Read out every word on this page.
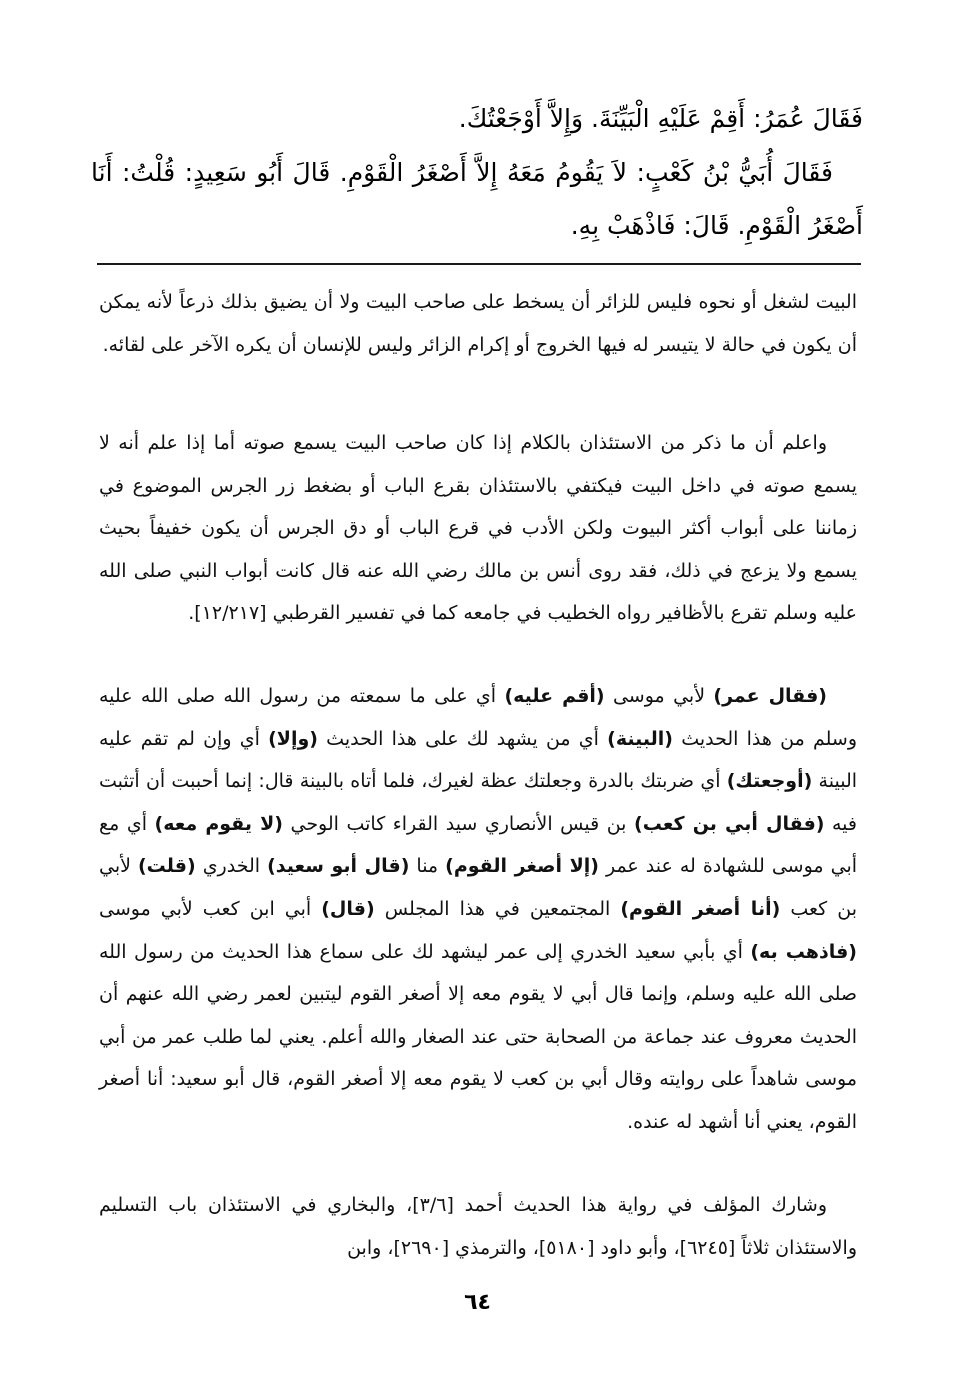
فَقَالَ عُمَرُ: أَقِمْ عَلَيْهِ الْبَيِّنَةَ. وَإِلاَّ أَوْجَعْتُكَ.

فَقَالَ أُبَيُّ بْنُ كَعْبٍ: لاَ يَقُومُ مَعَهُ إِلاَّ أَصْغَرُ الْقَوْمِ. قَالَ أَبُو سَعِيدٍ: قُلْتُ: أَنَا أَصْغَرُ الْقَوْمِ. قَالَ: فَاذْهَبْ بِهِ.

البيت لشغل أو نحوه فليس للزائر أن يسخط على صاحب البيت ولا أن يضيق بذلك ذرعاً لأنه يمكن أن يكون في حالة لا يتيسر له فيها الخروج أو إكرام الزائر وليس للإنسان أن يكره الآخر على لقائه.

واعلم أن ما ذكر من الاستئذان بالكلام إذا كان صاحب البيت يسمع صوته أما إذا علم أنه لا يسمع صوته في داخل البيت فيكتفي بالاستئذان بقرع الباب أو بضغط زر الجرس الموضوع في زماننا على أبواب أكثر البيوت ولكن الأدب في قرع الباب أو دق الجرس أن يكون خفيفاً بحيث يسمع ولا يزعج في ذلك، فقد روى أنس بن مالك رضي الله عنه قال كانت أبواب النبي صلى الله عليه وسلم تقرع بالأظافير رواه الخطيب في جامعه كما في تفسير القرطبي [١٢/٢١٧].

(فقال عمر) لأبي موسى (أقم عليه) أي على ما سمعته من رسول الله صلى الله عليه وسلم من هذا الحديث (البينة) أي من يشهد لك على هذا الحديث (وإلا) أي وإن لم تقم عليه البينة (أوجعتك) أي ضربتك بالدرة وجعلتك عظة لغيرك، فلما أتاه بالبينة قال: إنما أحببت أن أتثبت فيه (فقال أبي بن كعب) بن قيس الأنصاري سيد القراء كاتب الوحي (لا يقوم معه) أي مع أبي موسى للشهادة له عند عمر (إلا أصغر القوم) منا (قال أبو سعيد) الخدري (قلت) لأبي بن كعب (أنا أصغر القوم) المجتمعين في هذا المجلس (قال) أبي ابن كعب لأبي موسى (فاذهب به) أي بأبي سعيد الخدري إلى عمر ليشهد لك على سماع هذا الحديث من رسول الله صلى الله عليه وسلم، وإنما قال أبي لا يقوم معه إلا أصغر القوم ليتبين لعمر رضي الله عنهم أن الحديث معروف عند جماعة من الصحابة حتى عند الصغار والله أعلم. يعني لما طلب عمر من أبي موسى شاهداً على روايته وقال أبي بن كعب لا يقوم معه إلا أصغر القوم، قال أبو سعيد: أنا أصغر القوم، يعني أنا أشهد له عنده.

وشارك المؤلف في رواية هذا الحديث أحمد [٣/٦]، والبخاري في الاستئذان باب التسليم والاستئذان ثلاثاً [٦٢٤٥]، وأبو داود [٥١٨٠]، والترمذي [٢٦٩٠]، وابن

٦٤
